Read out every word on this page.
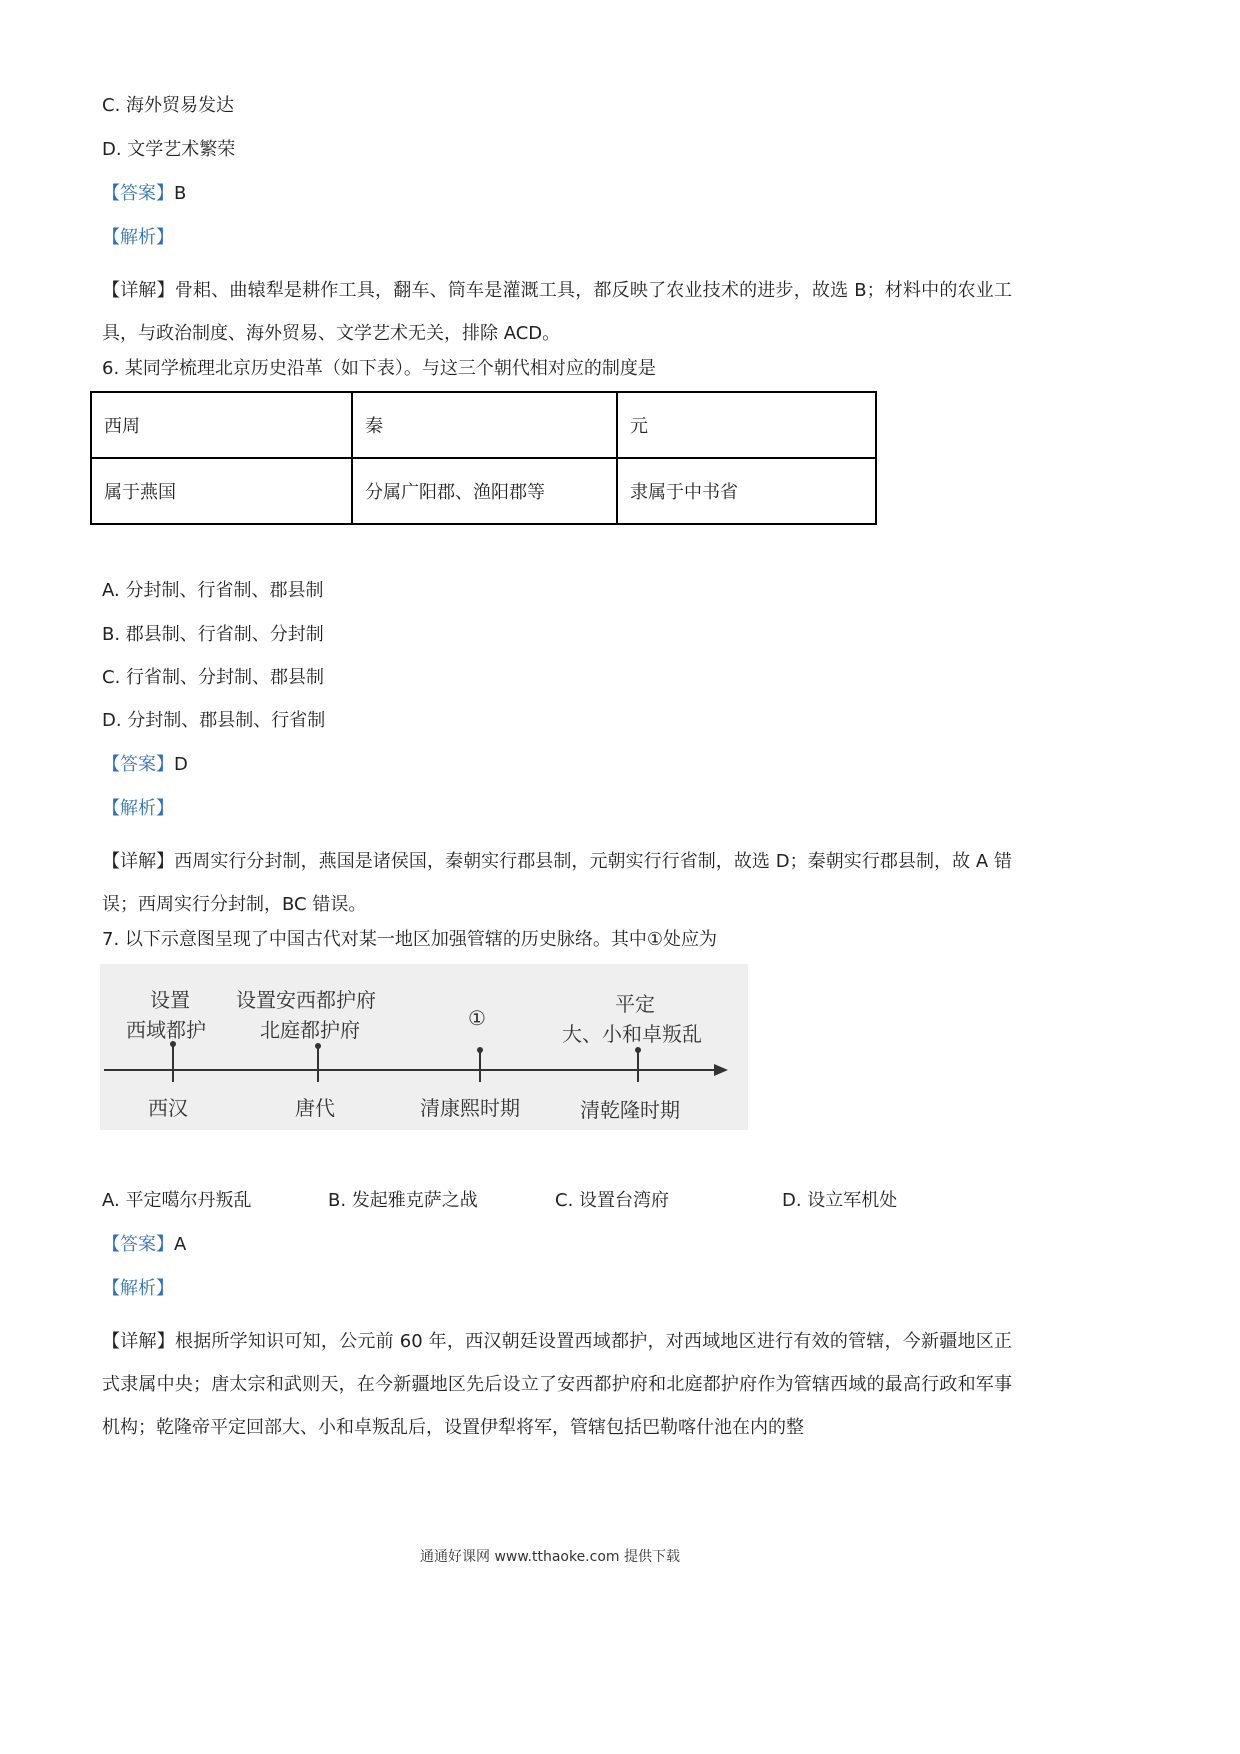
C. 海外贸易发达
D. 文学艺术繁荣
【答案】B
【解析】
【详解】骨耜、曲辕犁是耕作工具，翻车、筒车是灌溉工具，都反映了农业技术的进步，故选 B；材料中的农业工具，与政治制度、海外贸易、文学艺术无关，排除 ACD。
6. 某同学梳理北京历史沿革（如下表）。与这三个朝代相对应的制度是
西周	秦	元
属于燕国	分属广阳郡、渔阳郡等	隶属于中书省
A. 分封制、行省制、郡县制
B. 郡县制、行省制、分封制
C. 行省制、分封制、郡县制
D. 分封制、郡县制、行省制
【答案】D
【解析】
【详解】西周实行分封制，燕国是诸侯国，秦朝实行郡县制，元朝实行行省制，故选 D；秦朝实行郡县制，故 A 错误；西周实行分封制，BC 错误。
7. 以下示意图呈现了中国古代对某一地区加强管辖的历史脉络。其中①处应为
设置
西域都护
西汉
设置安西都护府
北庭都护府
唐代
①
清康熙时期
平定
大、小和卓叛乱
清乾隆时期
A. 平定噶尔丹叛乱	B. 发起雅克萨之战	C. 设置台湾府	D. 设立军机处
【答案】A
【解析】
【详解】根据所学知识可知，公元前 60 年，西汉朝廷设置西域都护，对西域地区进行有效的管辖，今新疆地区正式隶属中央；唐太宗和武则天，在今新疆地区先后设立了安西都护府和北庭都护府作为管辖西域的最高行政和军事机构；乾隆帝平定回部大、小和卓叛乱后，设置伊犁将军，管辖包括巴勒喀什池在内的整
通通好课网 www.tthaoke.com 提供下载
